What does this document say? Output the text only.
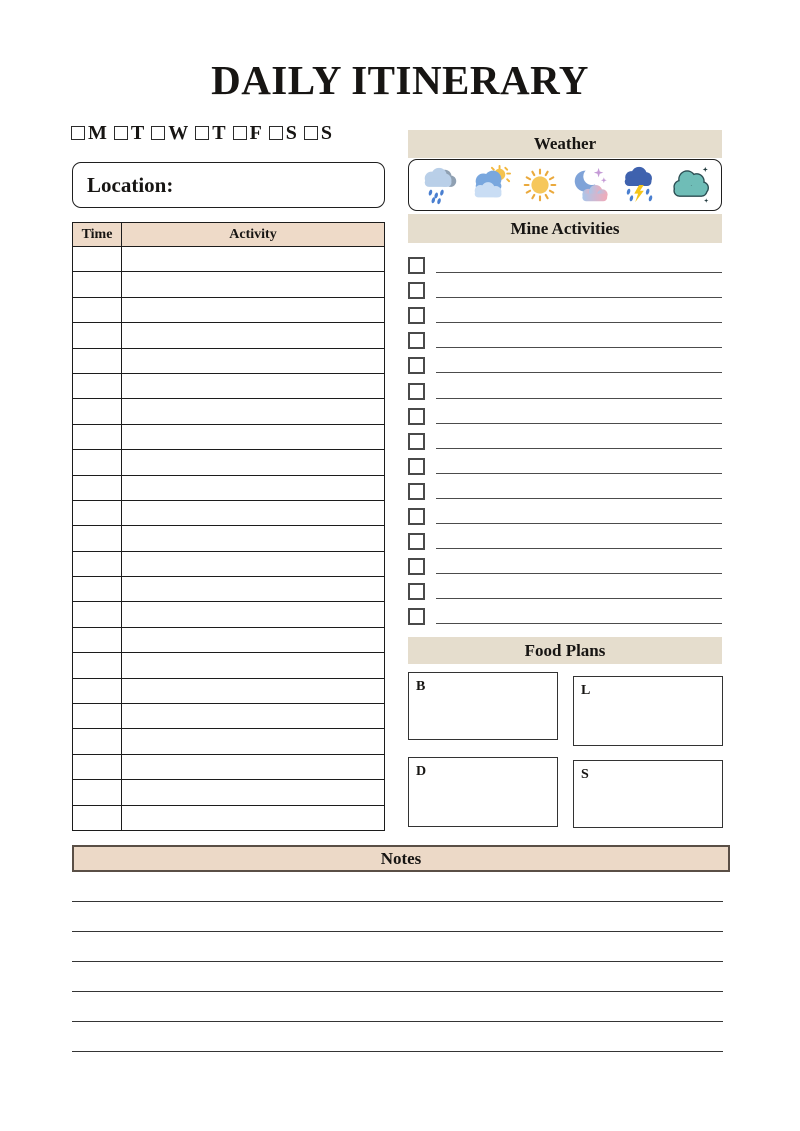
DAILY ITINERARY
M T W T F S S
Location:
Time	Activity

Weather
Mine Activities
Food Plans
B	L
D	S
Notes
